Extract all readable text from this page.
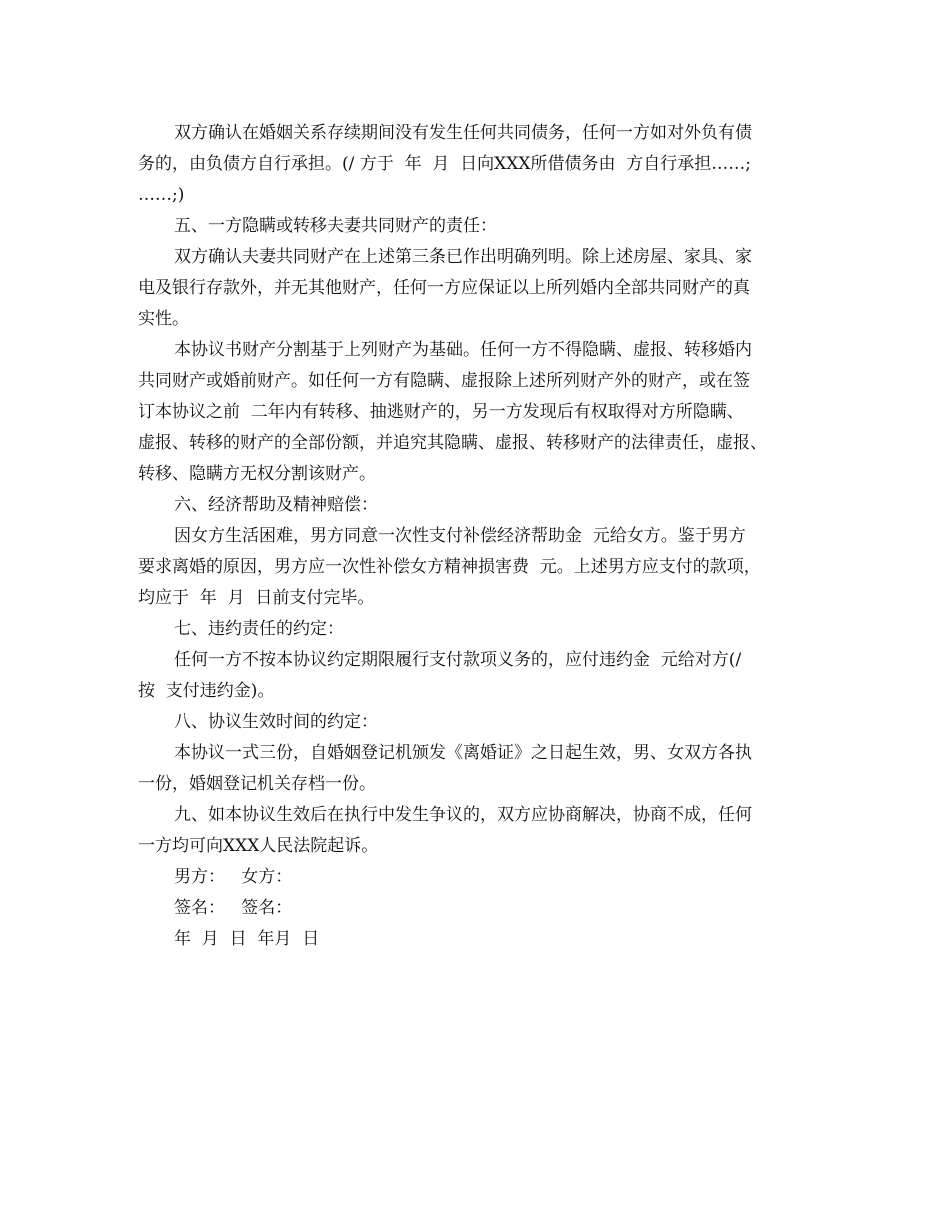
双方确认在婚姻关系存续期间没有发生任何共同债务，任何一方如对外负有债
务的，由负债方自行承担。(/ 方于  年  月  日向XXX所借债务由  方自行承担……;
……;)
五、一方隐瞒或转移夫妻共同财产的责任：
双方确认夫妻共同财产在上述第三条已作出明确列明。除上述房屋、家具、家
电及银行存款外，并无其他财产，任何一方应保证以上所列婚内全部共同财产的真
实性。
本协议书财产分割基于上列财产为基础。任何一方不得隐瞒、虚报、转移婚内
共同财产或婚前财产。如任何一方有隐瞒、虚报除上述所列财产外的财产，或在签
订本协议之前  二年内有转移、抽逃财产的，另一方发现后有权取得对方所隐瞒、
虚报、转移的财产的全部份额，并追究其隐瞒、虚报、转移财产的法律责任，虚报、
转移、隐瞒方无权分割该财产。
六、经济帮助及精神赔偿：
因女方生活困难，男方同意一次性支付补偿经济帮助金  元给女方。鉴于男方
要求离婚的原因，男方应一次性补偿女方精神损害费  元。上述男方应支付的款项，
均应于  年  月  日前支付完毕。
七、违约责任的约定：
任何一方不按本协议约定期限履行支付款项义务的，应付违约金  元给对方(/
按  支付违约金)。
八、协议生效时间的约定：
本协议一式三份，自婚姻登记机颁发《离婚证》之日起生效，男、女双方各执
一份，婚姻登记机关存档一份。
九、如本协议生效后在执行中发生争议的，双方应协商解决，协商不成，任何
一方均可向XXX人民法院起诉。
男方：   女方：
签名：   签名：
年  月  日  年月  日
